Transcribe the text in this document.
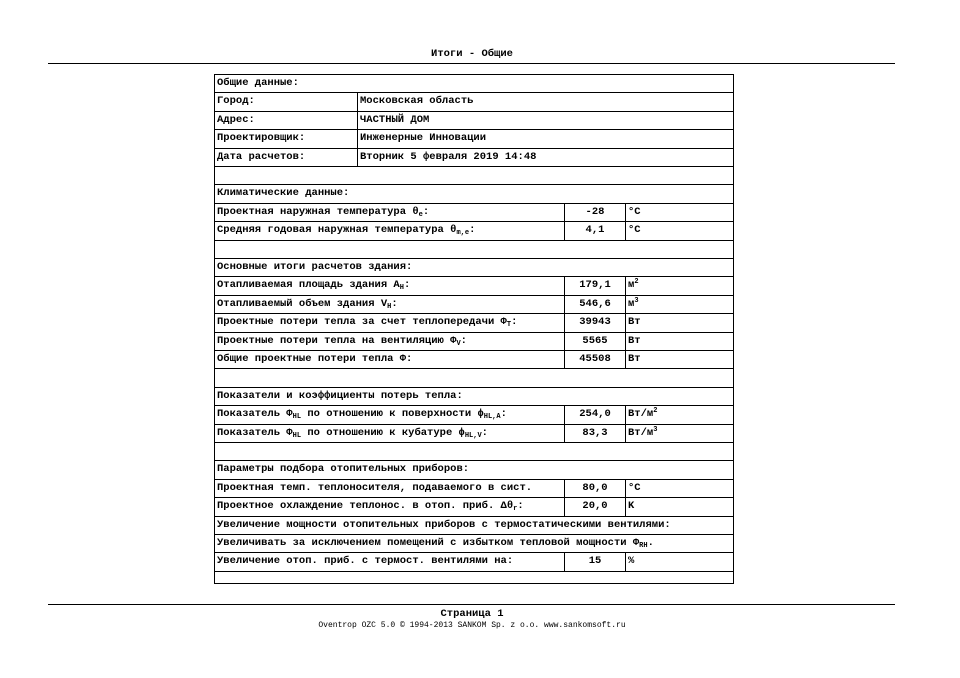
Итоги - Общие
Общие данные:
Город:	Московская область
Адрес:	ЧАСТНЫЙ ДОМ
Проектировщик:	Инженерные Инновации
Дата расчетов:	Вторник 5 февраля 2019 14:48
Климатические данные:
Проектная наружная температура $\theta_e$:	-28	°C
Средняя годовая наружная температура $\theta_{m,e}$:	4,1	°C
Основные итоги расчетов здания:
Отапливаемая площадь здания $A_H$:	179,1	$м^2$
Отапливаемый объем здания $V_H$:	546,6	$м^3$
Проектные потери тепла за счет теплопередачи $\Phi_T$:	39943	Вт
Проектные потери тепла на вентиляцию $\Phi_V$:	5565	Вт
Общие проектные потери тепла Φ:	45508	Вт
Показатели и коэффициенты потерь тепла:
Показатель $\Phi_{HL}$ по отношению к поверхности $\phi_{HL,A}$:	254,0	$Вт/м^2$
Показатель $\Phi_{HL}$ по отношению к кубатуре $\phi_{HL,V}$:	83,3	$Вт/м^3$
Параметры подбора отопительных приборов:
Проектная темп. теплоносителя, подаваемого в сист.	80,0	°C
Проектное охлаждение теплонос. в отоп. приб. $\Delta\theta_r$:	20,0	K
Увеличение мощности отопительных приборов с термостатическими вентилями:
Увеличивать за исключением помещений с избытком тепловой мощности $\Phi_{RH}$.
Увеличение отоп. приб. с термост. вентилями на:	15	%
Страница 1
Oventrop OZC 5.0 © 1994-2013 SANKOM Sp. z o.o. www.sankomsoft.ru
